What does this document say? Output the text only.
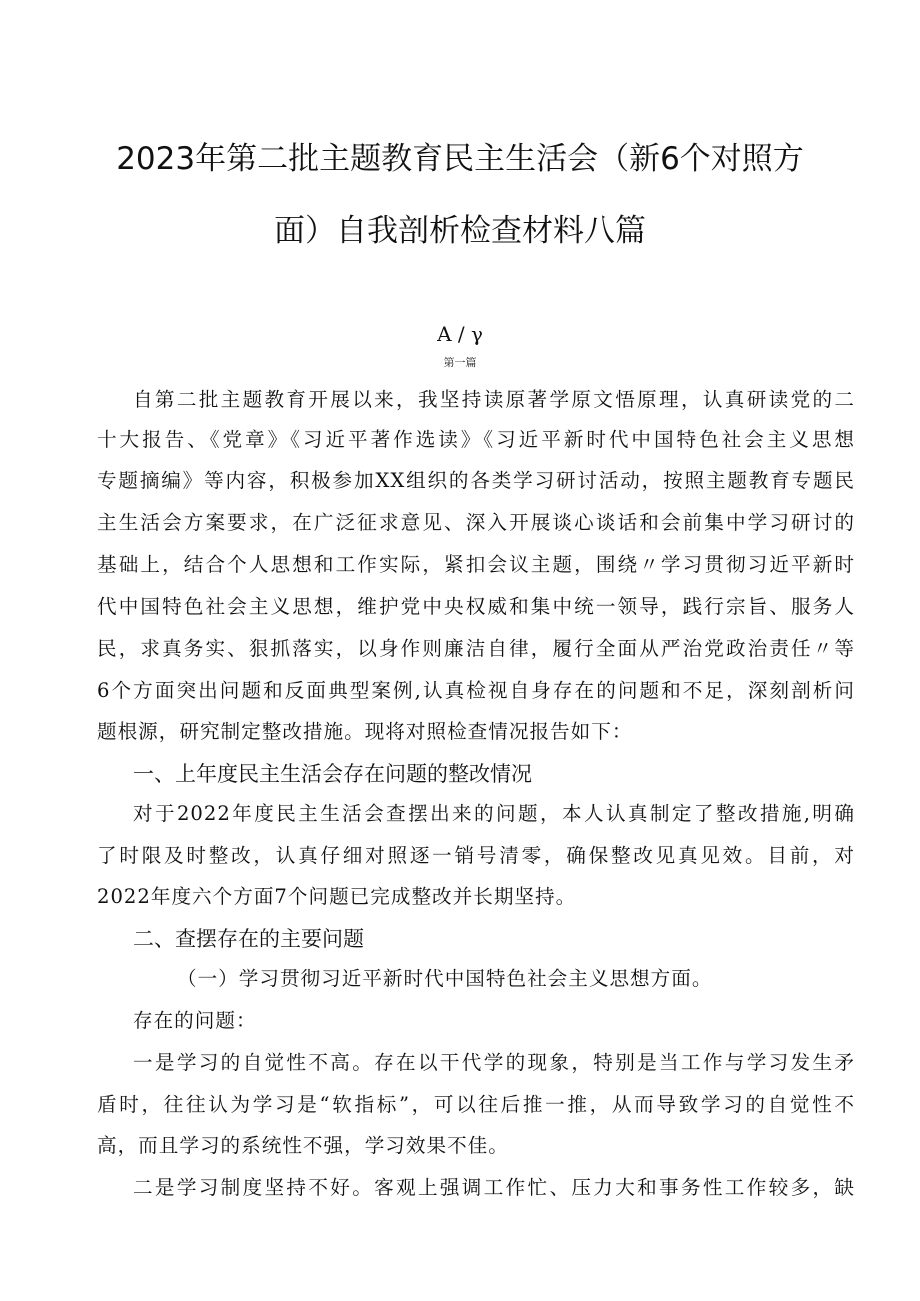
2023年第二批主题教育民主生活会（新6个对照方
面）自我剖析检查材料八篇
A / γ
第一篇
自第二批主题教育开展以来，我坚持读原著学原文悟原理，认真研读党的二
十大报告、《党章》《习近平著作选读》《习近平新时代中国特色社会主义思想
专题摘编》等内容，积极参加XX组织的各类学习研讨活动，按照主题教育专题民
主生活会方案要求，在广泛征求意见、深入开展谈心谈话和会前集中学习研讨的
基础上，结合个人思想和工作实际，紧扣会议主题，围绕〃学习贯彻习近平新时
代中国特色社会主义思想，维护党中央权威和集中统一领导，践行宗旨、服务人
民，求真务实、狠抓落实，以身作则廉洁自律，履行全面从严治党政治责任〃等
6个方面突出问题和反面典型案例,认真检视自身存在的问题和不足，深刻剖析问
题根源，研究制定整改措施。现将对照检查情况报告如下：
一、上年度民主生活会存在问题的整改情况
对于2022年度民主生活会查摆出来的问题，本人认真制定了整改措施,明确
了时限及时整改，认真仔细对照逐一销号清零，确保整改见真见效。目前，对
2022年度六个方面7个问题已完成整改并长期坚持。
二、查摆存在的主要问题
（一）学习贯彻习近平新时代中国特色社会主义思想方面。
存在的问题：
一是学习的自觉性不高。存在以干代学的现象，特别是当工作与学习发生矛
盾时，往往认为学习是“软指标”，可以往后推一推，从而导致学习的自觉性不
高，而且学习的系统性不强，学习效果不佳。
二是学习制度坚持不好。客观上强调工作忙、压力大和事务性工作较多，缺
